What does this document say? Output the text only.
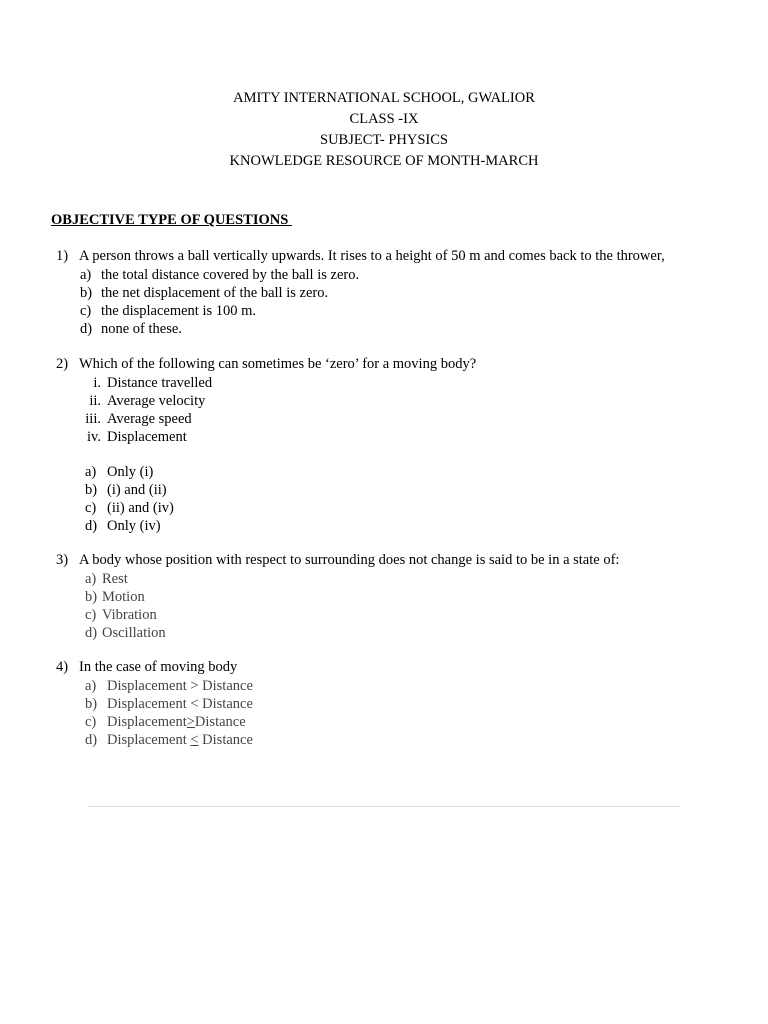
AMITY INTERNATIONAL SCHOOL, GWALIOR
CLASS -IX
SUBJECT- PHYSICS
KNOWLEDGE RESOURCE OF MONTH-MARCH
OBJECTIVE TYPE OF QUESTIONS
1) A person throws a ball vertically upwards. It rises to a height of 50 m and comes back to the thrower,
a) the total distance covered by the ball is zero.
b) the net displacement of the ball is zero.
c) the displacement is 100 m.
d) none of these.
2) Which of the following can sometimes be ‘zero’ for a moving body?
i. Distance travelled
ii. Average velocity
iii. Average speed
iv. Displacement
a) Only (i)
b) (i) and (ii)
c) (ii) and (iv)
d) Only (iv)
3) A body whose position with respect to surrounding does not change is said to be in a state of:
a) Rest
b) Motion
c) Vibration
d) Oscillation
4) In the case of moving body
a) Displacement > Distance
b) Displacement < Distance
c) Displacement>Distance
d) Displacement < Distance
